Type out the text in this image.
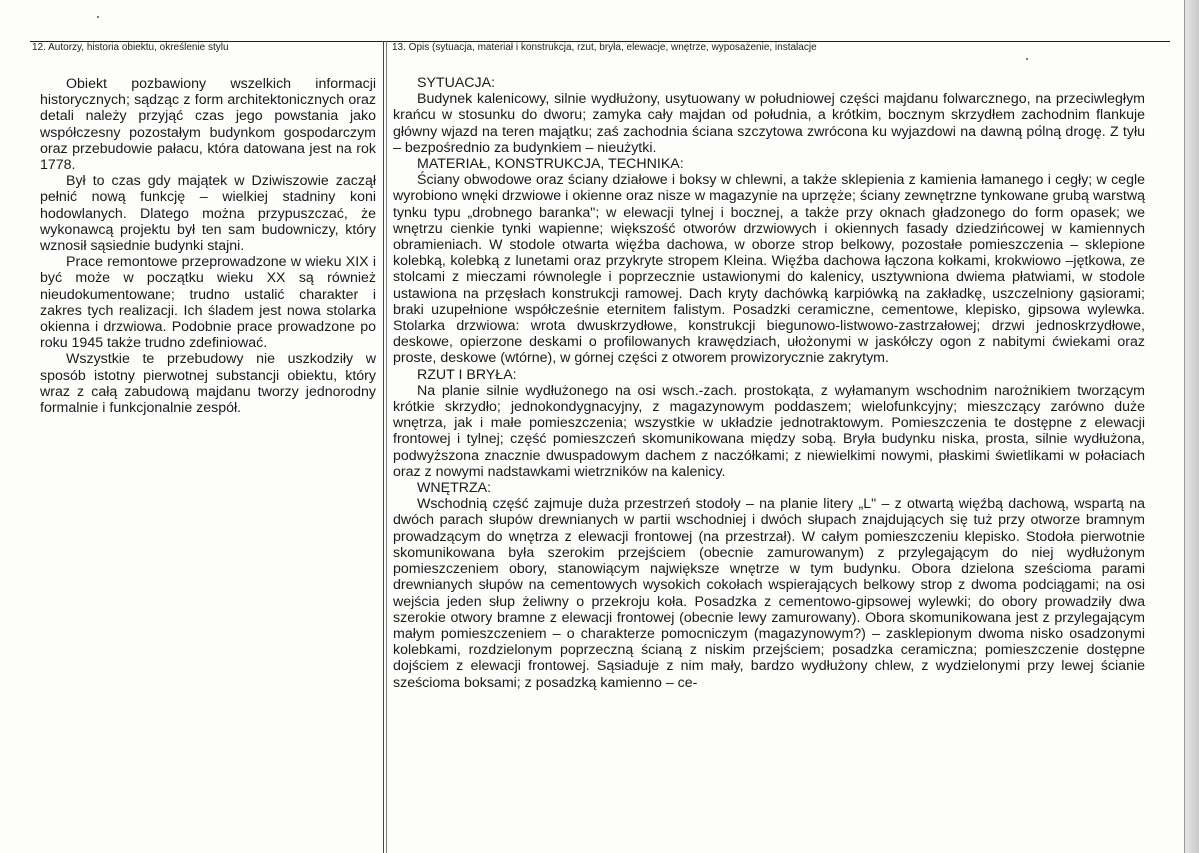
12. Autorzy, historia obiektu, określenie stylu	13. Opis (sytuacja, materiał i konstrukcja, rzut, bryła, elewacje, wnętrze, wyposażenie, instalacje

Obiekt pozbawiony wszelkich informacji historycznych; sądząc z form architektonicznych oraz detali należy przyjąć czas jego powstania jako współczesny pozostałym budynkom gospodarczym oraz przebudowie pałacu, która datowana jest na rok 1778.

Był to czas gdy majątek w Dziwiszowie zaczął pełnić nową funkcję – wielkiej stadniny koni hodowlanych. Dlatego można przypuszczać, że wykonawcą projektu był ten sam budowniczy, który wznosił sąsiednie budynki stajni.

Prace remontowe przeprowadzone w wieku XIX i być może w początku wieku XX są również nieudokumentowane; trudno ustalić charakter i zakres tych realizacji. Ich śladem jest nowa stolarka okienna i drzwiowa. Podobnie prace prowadzone po roku 1945 także trudno zdefiniować.

Wszystkie te przebudowy nie uszkodziły w sposób istotny pierwotnej substancji obiektu, który wraz z całą zabudową majdanu tworzy jednorodny formalnie i funkcjonalnie zespół.

SYTUACJA:

Budynek kalenicowy, silnie wydłużony, usytuowany w południowej części majdanu folwarcznego, na przeciwległym krańcu w stosunku do dworu; zamyka cały majdan od południa, a krótkim, bocznym skrzydłem zachodnim flankuje główny wjazd na teren majątku; zaś zachodnia ściana szczytowa zwrócona ku wyjazdowi na dawną polną drogę. Z tyłu – bezpośrednio za budynkiem – nieużytki.

MATERIAŁ, KONSTRUKCJA, TECHNIKA:

Ściany obwodowe oraz ściany działowe i boksy w chlewni, a także sklepienia z kamienia łamanego i cegły; w cegle wyrobiono wnęki drzwiowe i okienne oraz nisze w magazynie na uprzęże; ściany zewnętrzne tynkowane grubą warstwą tynku typu „drobnego baranka"; w elewacji tylnej i bocznej, a także przy oknach gładzonego do form opasek; we wnętrzu cienkie tynki wapienne; większość otworów drzwiowych i okiennych fasady dziedzińcowej w kamiennych obramieniach. W stodole otwarta więźba dachowa, w oborze strop belkowy, pozostałe pomieszczenia – sklepione kolebką, kolebką z lunetami oraz przykryte stropem Kleina. Więźba dachowa łączona kołkami, krokwiowo –jętkowa, ze stolcami z mieczami równolegle i poprzecznie ustawionymi do kalenicy, usztywniona dwiema płatwiami, w stodole ustawiona na przęsłach konstrukcji ramowej. Dach kryty dachówką karpiówką na zakładkę, uszczelniony gąsiorami; braki uzupełnione współcześnie eternitem falistym. Posadzki ceramiczne, cementowe, klepisko, gipsowa wylewka. Stolarka drzwiowa: wrota dwuskrzydłowe, konstrukcji biegunowo-listwowo-zastrzałowej; drzwi jednoskrzydłowe, deskowe, opierzone deskami o profilowanych krawędziach, ułożonymi w jaskółczy ogon z nabitymi ćwiekami oraz proste, deskowe (wtórne), w górnej części z otworem prowizorycznie zakrytym.

RZUT I BRYŁA:

Na planie silnie wydłużonego na osi wsch.-zach. prostokąta, z wyłamanym wschodnim narożnikiem tworzącym krótkie skrzydło; jednokondygnacyjny, z magazynowym poddaszem; wielofunkcyjny; mieszczący zarówno duże wnętrza, jak i małe pomieszczenia; wszystkie w układzie jednotraktowym. Pomieszczenia te dostępne z elewacji frontowej i tylnej; część pomieszczeń skomunikowana między sobą. Bryła budynku niska, prosta, silnie wydłużona, podwyższona znacznie dwuspadowym dachem z naczółkami; z niewielkimi nowymi, płaskimi świetlikami w połaciach oraz z nowymi nadstawkami wietrzników na kalenicy.

WNĘTRZA:

Wschodnią część zajmuje duża przestrzeń stodoły – na planie litery „L" – z otwartą więźbą dachową, wspartą na dwóch parach słupów drewnianych w partii wschodniej i dwóch słupach znajdujących się tuż przy otworze bramnym prowadzącym do wnętrza z elewacji frontowej (na przestrzał). W całym pomieszczeniu klepisko. Stodoła pierwotnie skomunikowana była szerokim przejściem (obecnie zamurowanym) z przylegającym do niej wydłużonym pomieszczeniem obory, stanowiącym największe wnętrze w tym budynku. Obora dzielona sześcioma parami drewnianych słupów na cementowych wysokich cokołach wspierających belkowy strop z dwoma podciągami; na osi wejścia jeden słup żeliwny o przekroju koła. Posadzka z cementowo-gipsowej wylewki; do obory prowadziły dwa szerokie otwory bramne z elewacji frontowej (obecnie lewy zamurowany). Obora skomunikowana jest z przylegającym małym pomieszczeniem – o charakterze pomocniczym (magazynowym?) – zasklepionym dwoma nisko osadzonymi kolebkami, rozdzielonym poprzeczną ścianą z niskim przejściem; posadzka ceramiczna; pomieszczenie dostępne dojściem z elewacji frontowej. Sąsiaduje z nim mały, bardzo wydłużony chlew, z wydzielonymi przy lewej ścianie sześcioma boksami; z posadzką kamienno – ce-
